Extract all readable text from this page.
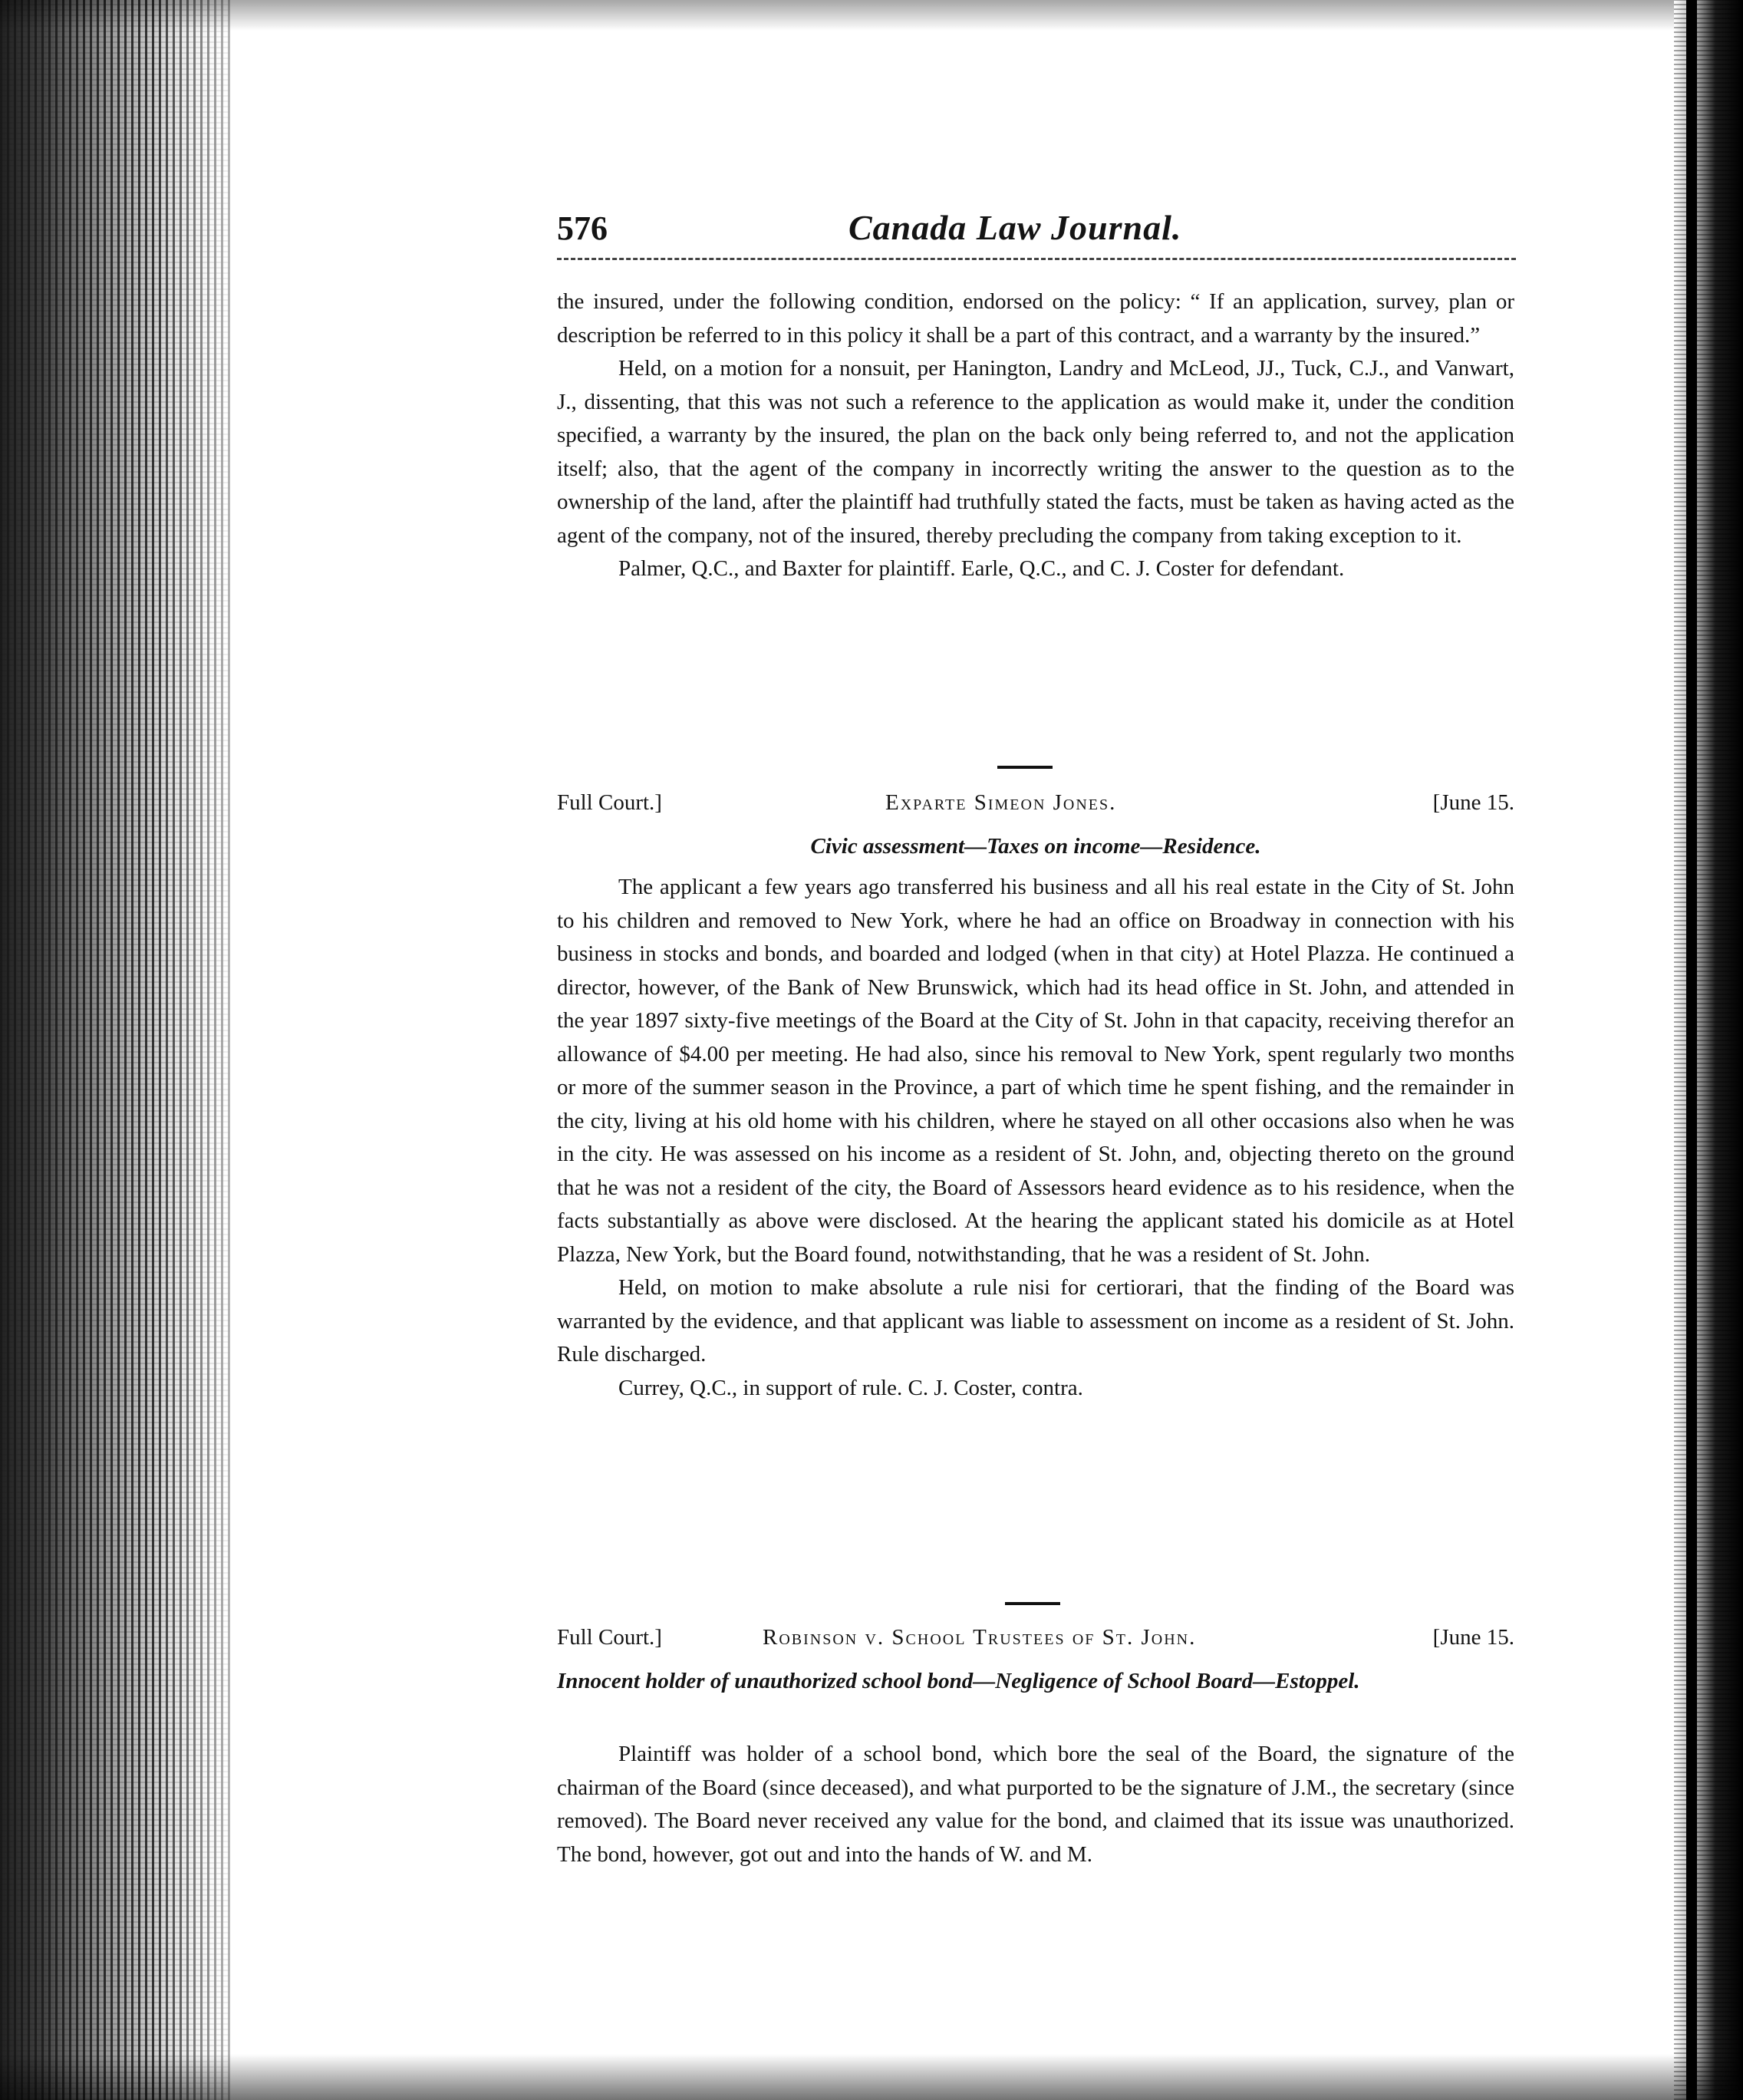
576	Canada Law Journal.

the insured, under the following condition, endorsed on the policy: “ If an application, survey, plan or description be referred to in this policy it shall be a part of this contract, and a warranty by the insured.”

Held, on a motion for a nonsuit, per Hanington, Landry and McLeod, JJ., Tuck, C.J., and Vanwart, J., dissenting, that this was not such a reference to the application as would make it, under the condition specified, a warranty by the insured, the plan on the back only being referred to, and not the application itself; also, that the agent of the company in incorrectly writing the answer to the question as to the ownership of the land, after the plaintiff had truthfully stated the facts, must be taken as having acted as the agent of the company, not of the insured, thereby precluding the company from taking exception to it.

Palmer, Q.C., and Baxter for plaintiff. Earle, Q.C., and C. J. Coster for defendant.

Full Court.]	Exparte Simeon Jones.	[June 15.
Civic assessment—Taxes on income—Residence.

The applicant a few years ago transferred his business and all his real estate in the City of St. John to his children and removed to New York, where he had an office on Broadway in connection with his business in stocks and bonds, and boarded and lodged (when in that city) at Hotel Plazza. He continued a director, however, of the Bank of New Brunswick, which had its head office in St. John, and attended in the year 1897 sixty-five meetings of the Board at the City of St. John in that capacity, receiving therefor an allowance of $4.00 per meeting. He had also, since his removal to New York, spent regularly two months or more of the summer season in the Province, a part of which time he spent fishing, and the remainder in the city, living at his old home with his children, where he stayed on all other occasions also when he was in the city. He was assessed on his income as a resident of St. John, and, objecting thereto on the ground that he was not a resident of the city, the Board of Assessors heard evidence as to his residence, when the facts substantially as above were disclosed. At the hearing the applicant stated his domicile as at Hotel Plazza, New York, but the Board found, notwithstanding, that he was a resident of St. John.

Held, on motion to make absolute a rule nisi for certiorari, that the finding of the Board was warranted by the evidence, and that applicant was liable to assessment on income as a resident of St. John. Rule discharged.

Currey, Q.C., in support of rule. C. J. Coster, contra.

Full Court.]	Robinson v. School Trustees of St. John.	[June 15.
Innocent holder of unauthorized school bond—Negligence of School Board—Estoppel.

Plaintiff was holder of a school bond, which bore the seal of the Board, the signature of the chairman of the Board (since deceased), and what purported to be the signature of J.M., the secretary (since removed). The Board never received any value for the bond, and claimed that its issue was unauthorized. The bond, however, got out and into the hands of W. and M.
